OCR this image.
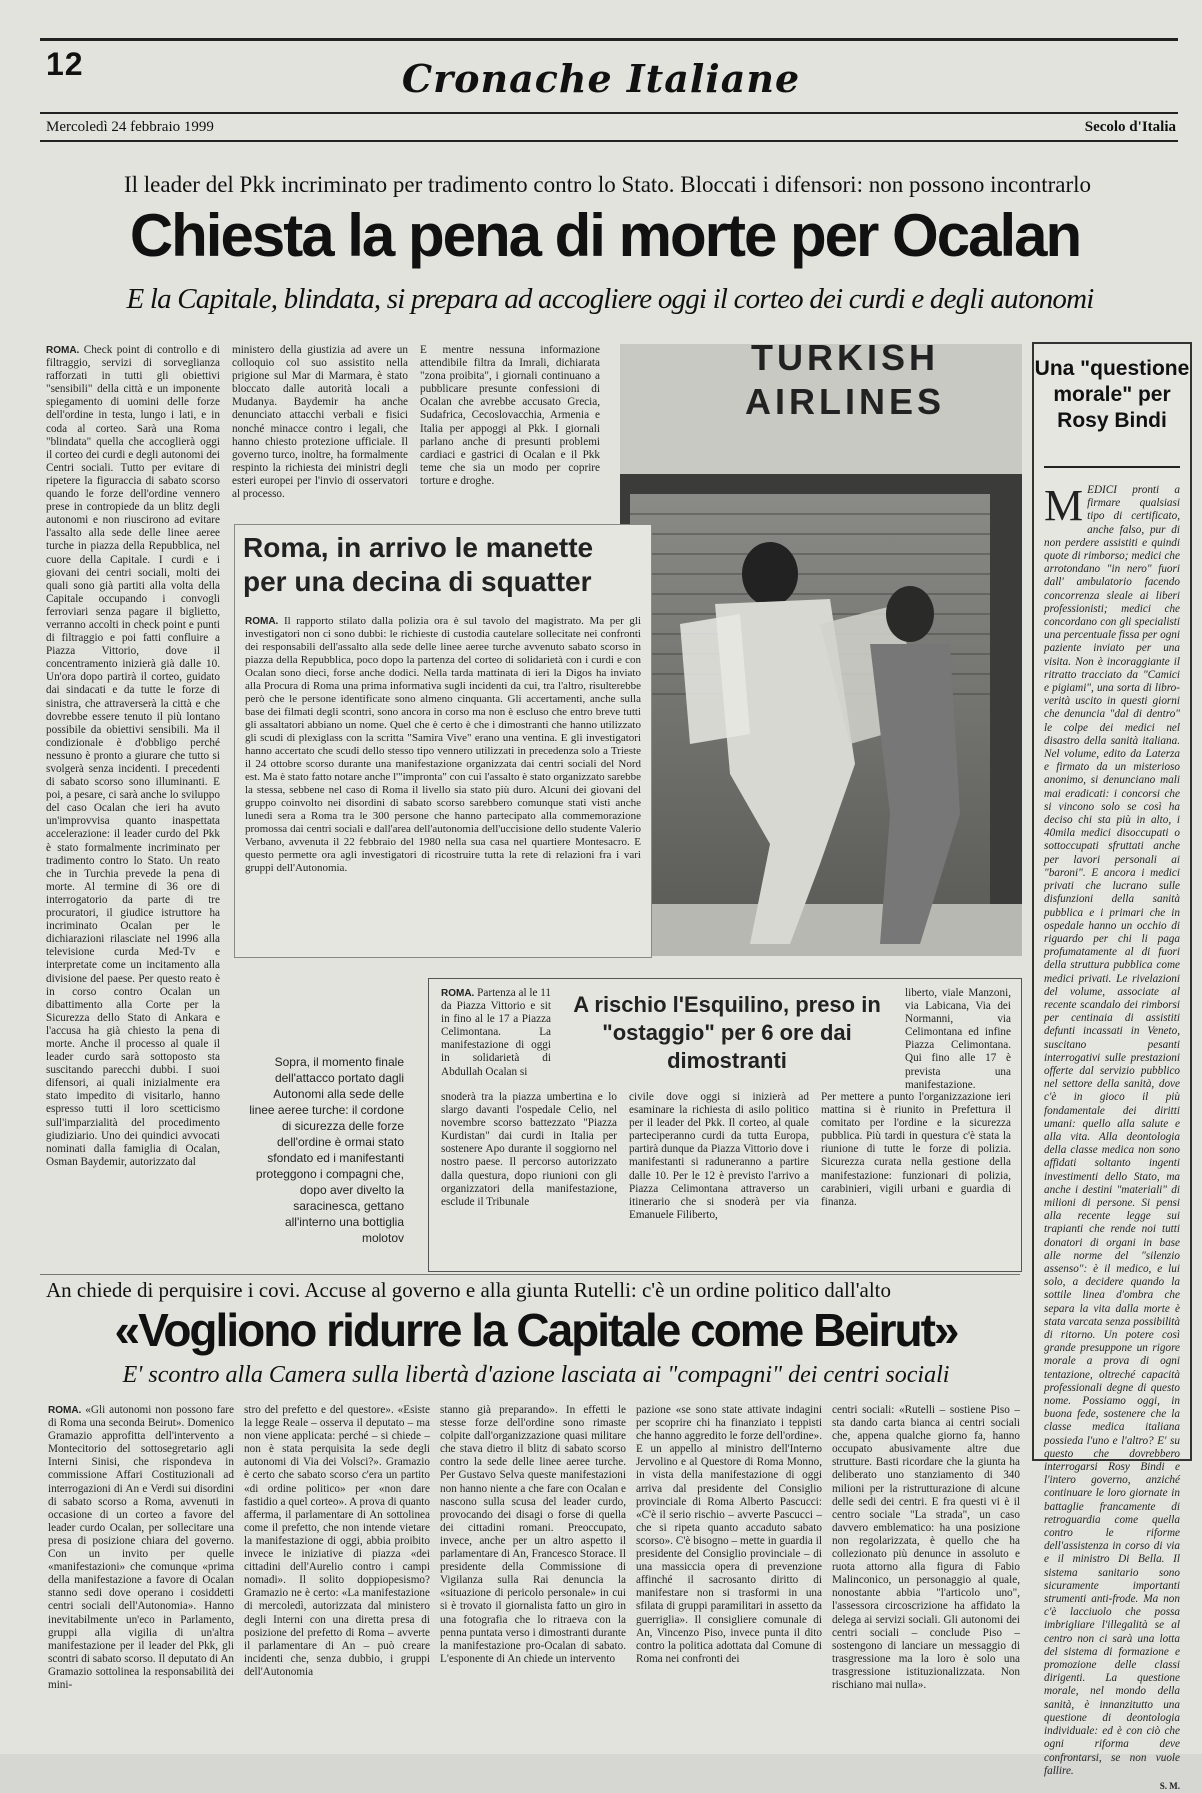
12	Cronache Italiane
Mercoledì 24 febbraio 1999	Secolo d'Italia
Il leader del Pkk incriminato per tradimento contro lo Stato. Bloccati i difensori: non possono incontrarlo
Chiesta la pena di morte per Ocalan
E la Capitale, blindata, si prepara ad accogliere oggi il corteo dei curdi e degli autonomi
ROMA. Check point di controllo e di filtraggio, servizi di sorveglianza rafforzati in tutti gli obiettivi "sensibili" della città e un imponente spiegamento di uomini delle forze dell'ordine in testa, lungo i lati, e in coda al corteo. Sarà una Roma "blindata" quella che accoglierà oggi il corteo dei curdi e degli autonomi dei Centri sociali. Tutto per evitare di ripetere la figuraccia di sabato scorso quando le forze dell'ordine vennero prese in contropiede da un blitz degli autonomi e non riuscirono ad evitare l'assalto alla sede delle linee aeree turche in piazza della Repubblica, nel cuore della Capitale. I curdi e i giovani dei centri sociali, molti dei quali sono già partiti alla volta della Capitale occupando i convogli ferroviari senza pagare il biglietto, verranno accolti in check point e punti di filtraggio e poi fatti confluire a Piazza Vittorio, dove il concentramento inizierà già dalle 10. Un'ora dopo partirà il corteo, guidato dai sindacati e da tutte le forze di sinistra, che attraverserà la città e che dovrebbe essere tenuto il più lontano possibile da obiettivi sensibili. Ma il condizionale è d'obbligo perché nessuno è pronto a giurare che tutto si svolgerà senza incidenti. I precedenti di sabato scorso sono illuminanti. E poi, a pesare, ci sarà anche lo sviluppo del caso Ocalan che ieri ha avuto un'improvvisa quanto inaspettata accelerazione: il leader curdo del Pkk è stato formalmente incriminato per tradimento contro lo Stato. Un reato che in Turchia prevede la pena di morte. Al termine di 36 ore di interrogatorio da parte di tre procuratori, il giudice istruttore ha incriminato Ocalan per le dichiarazioni rilasciate nel 1996 alla televisione curda Med-Tv e interpretate come un incitamento alla divisione del paese. Per questo reato è in corso contro Ocalan un dibattimento alla Corte per la Sicurezza dello Stato di Ankara e l'accusa ha già chiesto la pena di morte. Anche il processo al quale il leader curdo sarà sottoposto sta suscitando parecchi dubbi. I suoi difensori, ai quali inizialmente era stato impedito di visitarlo, hanno espresso tutti il loro scetticismo sull'imparzialità del procedimento giudiziario. Uno dei quindici avvocati nominati dalla famiglia di Ocalan, Osman Baydemir, autorizzato dal
ministero della giustizia ad avere un colloquio col suo assistito nella prigione sul Mar di Marmara, è stato bloccato dalle autorità locali a Mudanya. Baydemir ha anche denunciato attacchi verbali e fisici nonché minacce contro i legali, che hanno chiesto protezione ufficiale. Il governo turco, inoltre, ha formalmente respinto la richiesta dei ministri degli esteri europei per l'invio di osservatori al processo.
E mentre nessuna informazione attendibile filtra da Imrali, dichiarata "zona proibita", i giornali continuano a pubblicare presunte confessioni di Ocalan che avrebbe accusato Grecia, Sudafrica, Cecoslovacchia, Armenia e Italia per appoggi al Pkk. I giornali parlano anche di presunti problemi cardiaci e gastrici di Ocalan e il Pkk teme che sia un modo per coprire torture e droghe.
TURKISH
AIRLINES
Roma, in arrivo le manette per una decina di squatter
ROMA. Il rapporto stilato dalla polizia ora è sul tavolo del magistrato. Ma per gli investigatori non ci sono dubbi: le richieste di custodia cautelare sollecitate nei confronti dei responsabili dell'assalto alla sede delle linee aeree turche avvenuto sabato scorso in piazza della Repubblica, poco dopo la partenza del corteo di solidarietà con i curdi e con Ocalan sono dieci, forse anche dodici. Nella tarda mattinata di ieri la Digos ha inviato alla Procura di Roma una prima informativa sugli incidenti da cui, tra l'altro, risulterebbe però che le persone identificate sono almeno cinquanta. Gli accertamenti, anche sulla base dei filmati degli scontri, sono ancora in corso ma non è escluso che entro breve tutti gli assaltatori abbiano un nome. Quel che è certo è che i dimostranti che hanno utilizzato gli scudi di plexiglass con la scritta "Samira Vive" erano una ventina. E gli investigatori hanno accertato che scudi dello stesso tipo vennero utilizzati in precedenza solo a Trieste il 24 ottobre scorso durante una manifestazione organizzata dai centri sociali del Nord est. Ma è stato fatto notare anche l'"impronta" con cui l'assalto è stato organizzato sarebbe la stessa, sebbene nel caso di Roma il livello sia stato più duro. Alcuni dei giovani del gruppo coinvolto nei disordini di sabato scorso sarebbero comunque stati visti anche lunedì sera a Roma tra le 300 persone che hanno partecipato alla commemorazione promossa dai centri sociali e dall'area dell'autonomia dell'uccisione dello studente Valerio Verbano, avvenuta il 22 febbraio del 1980 nella sua casa nel quartiere Montesacro. E questo permette ora agli investigatori di ricostruire tutta la rete di relazioni fra i vari gruppi dell'Autonomia.
Sopra, il momento finale dell'attacco portato dagli Autonomi alla sede delle linee aeree turche: il cordone di sicurezza delle forze dell'ordine è ormai stato sfondato ed i manifestanti proteggono i compagni che, dopo aver divelto la saracinesca, gettano all'interno una bottiglia molotov
ROMA. Partenza al le 11 da Piazza Vittorio e sit in fino al le 17 a Piazza Celimontana. La manifestazione di oggi in solidarietà di Abdullah Ocalan si
A rischio l'Esquilino, preso in "ostaggio" per 6 ore dai dimostranti
liberto, viale Manzoni, via Labicana, Via dei Normanni, via Celimontana ed infine Piazza Celimontana. Qui fino alle 17 è prevista una manifestazione.
snoderà tra la piazza umbertina e lo slargo davanti l'ospedale Celio, nel novembre scorso battezzato "Piazza Kurdistan" dai curdi in Italia per sostenere Apo durante il soggiorno nel nostro paese. Il percorso autorizzato dalla questura, dopo riunioni con gli organizzatori della manifestazione, esclude il Tribunale
civile dove oggi si inizierà ad esaminare la richiesta di asilo politico per il leader del Pkk. Il corteo, al quale parteciperanno curdi da tutta Europa, partirà dunque da Piazza Vittorio dove i manifestanti si raduneranno a partire dalle 10. Per le 12 è previsto l'arrivo a Piazza Celimontana attraverso un itinerario che si snoderà per via Emanuele Filiberto,
Per mettere a punto l'organizzazione ieri mattina si è riunito in Prefettura il comitato per l'ordine e la sicurezza pubblica. Più tardi in questura c'è stata la riunione di tutte le forze di polizia. Sicurezza curata nella gestione della manifestazione: funzionari di polizia, carabinieri, vigili urbani e guardia di finanza.
Una "questione morale" per Rosy Bindi
MEDICI pronti a firmare qualsiasi tipo di certificato, anche falso, pur di non perdere assistiti e quindi quote di rimborso; medici che arrotondano "in nero" fuori dall' ambulatorio facendo concorrenza sleale ai liberi professionisti; medici che concordano con gli specialisti una percentuale fissa per ogni paziente inviato per una visita. Non è incoraggiante il ritratto tracciato da "Camici e pigiami", una sorta di libro-verità uscito in questi giorni che denuncia "dal di dentro" le colpe dei medici nel disastro della sanità italiana. Nel volume, edito da Laterza e firmato da un misterioso anonimo, si denunciano mali mai eradicati: i concorsi che si vincono solo se così ha deciso chi sta più in alto, i 40mila medici disoccupati o sottoccupati sfruttati anche per lavori personali ai "baroni". E ancora i medici privati che lucrano sulle disfunzioni della sanità pubblica e i primari che in ospedale hanno un occhio di riguardo per chi li paga profumatamente al di fuori della struttura pubblica come medici privati. Le rivelazioni del volume, associate al recente scandalo dei rimborsi per centinaia di assistiti defunti incassati in Veneto, suscitano pesanti interrogativi sulle prestazioni offerte dal servizio pubblico nel settore della sanità, dove c'è in gioco il più fondamentale dei diritti umani: quello alla salute e alla vita. Alla deontologia della classe medica non sono affidati soltanto ingenti investimenti dello Stato, ma anche i destini "materiali" di milioni di persone. Si pensi alla recente legge sui trapianti che rende noi tutti donatori di organi in base alle norme del "silenzio assenso": è il medico, e lui solo, a decidere quando la sottile linea d'ombra che separa la vita dalla morte è stata varcata senza possibilità di ritorno. Un potere così grande presuppone un rigore morale a prova di ogni tentazione, oltreché capacità professionali degne di questo nome. Possiamo oggi, in buona fede, sostenere che la classe medica italiana possieda l'uno e l'altro? E' su questo che dovrebbero interrogarsi Rosy Bindi e l'intero governo, anziché continuare le loro giornate in battaglie francamente di retroguardia come quella contro le riforme dell'assistenza in corso di via e il ministro Di Bella. Il sistema sanitario sono sicuramente importanti strumenti anti-frode. Ma non c'è lacciuolo che possa imbrigliare l'illegalità se al centro non ci sarà una lotta del sistema di formazione e promozione delle classi dirigenti. La questione morale, nel mondo della sanità, è innanzitutto una questione di deontologia individuale: ed è con ciò che ogni riforma deve confrontarsi, se non vuole fallire.
S. M.
An chiede di perquisire i covi. Accuse al governo e alla giunta Rutelli: c'è un ordine politico dall'alto
«Vogliono ridurre la Capitale come Beirut»
E' scontro alla Camera sulla libertà d'azione lasciata ai "compagni" dei centri sociali
ROMA. «Gli autonomi non possono fare di Roma una seconda Beirut». Domenico Gramazio approfitta dell'intervento a Montecitorio del sottosegretario agli Interni Sinisi, che rispondeva in commissione Affari Costituzionali ad interrogazioni di An e Verdi sui disordini di sabato scorso a Roma, avvenuti in occasione di un corteo a favore del leader curdo Ocalan, per sollecitare una presa di posizione chiara del governo. Con un invito per quelle «manifestazioni» che comunque «prima della manifestazione a favore di Ocalan stanno sedi dove operano i cosiddetti centri sociali dell'Autonomia». Hanno inevitabilmente un'eco in Parlamento, gruppi alla vigilia di un'altra manifestazione per il leader del Pkk, gli scontri di sabato scorso. Il deputato di An Gramazio sottolinea la responsabilità dei mini-
stro del prefetto e del questore». «Esiste la legge Reale – osserva il deputato – ma non viene applicata: perché – si chiede – non è stata perquisita la sede degli autonomi di Via dei Volsci?». Gramazio è certo che sabato scorso c'era un partito «di ordine politico» per «non dare fastidio a quel corteo». A prova di quanto afferma, il parlamentare di An sottolinea come il prefetto, che non intende vietare la manifestazione di oggi, abbia proibito invece le iniziative di piazza «dei cittadini dell'Aurelio contro i campi nomadi». Il solito doppiopesismo? Gramazio ne è certo: «La manifestazione di mercoledì, autorizzata dal ministero degli Interni con una diretta presa di posizione del prefetto di Roma – avverte il parlamentare di An – può creare incidenti che, senza dubbio, i gruppi dell'Autonomia
stanno già preparando». In effetti le stesse forze dell'ordine sono rimaste colpite dall'organizzazione quasi militare che stava dietro il blitz di sabato scorso contro la sede delle linee aeree turche. Per Gustavo Selva queste manifestazioni non hanno niente a che fare con Ocalan e nascono sulla scusa del leader curdo, provocando dei disagi o forse di quella dei cittadini romani. Preoccupato, invece, anche per un altro aspetto il parlamentare di An, Francesco Storace. Il presidente della Commissione di Vigilanza sulla Rai denuncia la «situazione di pericolo personale» in cui si è trovato il giornalista fatto un giro in una fotografia che lo ritraeva con la penna puntata verso i dimostranti durante la manifestazione pro-Ocalan di sabato. L'esponente di An chiede un intervento
pazione «se sono state attivate indagini per scoprire chi ha finanziato i teppisti che hanno aggredito le forze dell'ordine». E un appello al ministro dell'Interno Jervolino e al Questore di Roma Monno, in vista della manifestazione di oggi arriva dal presidente del Consiglio provinciale di Roma Alberto Pascucci: «C'è il serio rischio – avverte Pascucci – che si ripeta quanto accaduto sabato scorso». C'è bisogno – mette in guardia il presidente del Consiglio provinciale – di una massiccia opera di prevenzione affinché il sacrosanto diritto di manifestare non si trasformi in una sfilata di gruppi paramilitari in assetto da guerriglia». Il consigliere comunale di An, Vincenzo Piso, invece punta il dito contro la politica adottata dal Comune di Roma nei confronti dei
centri sociali: «Rutelli – sostiene Piso – sta dando carta bianca ai centri sociali che, appena qualche giorno fa, hanno occupato abusivamente altre due strutture. Basti ricordare che la giunta ha deliberato uno stanziamento di 340 milioni per la ristrutturazione di alcune delle sedi dei centri. E fra questi vi è il centro sociale "La strada", un caso davvero emblematico: ha una posizione non regolarizzata, è quello che ha collezionato più denunce in assoluto e ruota attorno alla figura di Fabio Malinconico, un personaggio al quale, nonostante abbia "l'articolo uno", l'assessora circoscrizione ha affidato la delega ai servizi sociali. Gli autonomi dei centri sociali – conclude Piso – sostengono di lanciare un messaggio di trasgressione ma la loro è solo una trasgressione istituzionalizzata. Non rischiano mai nulla».
